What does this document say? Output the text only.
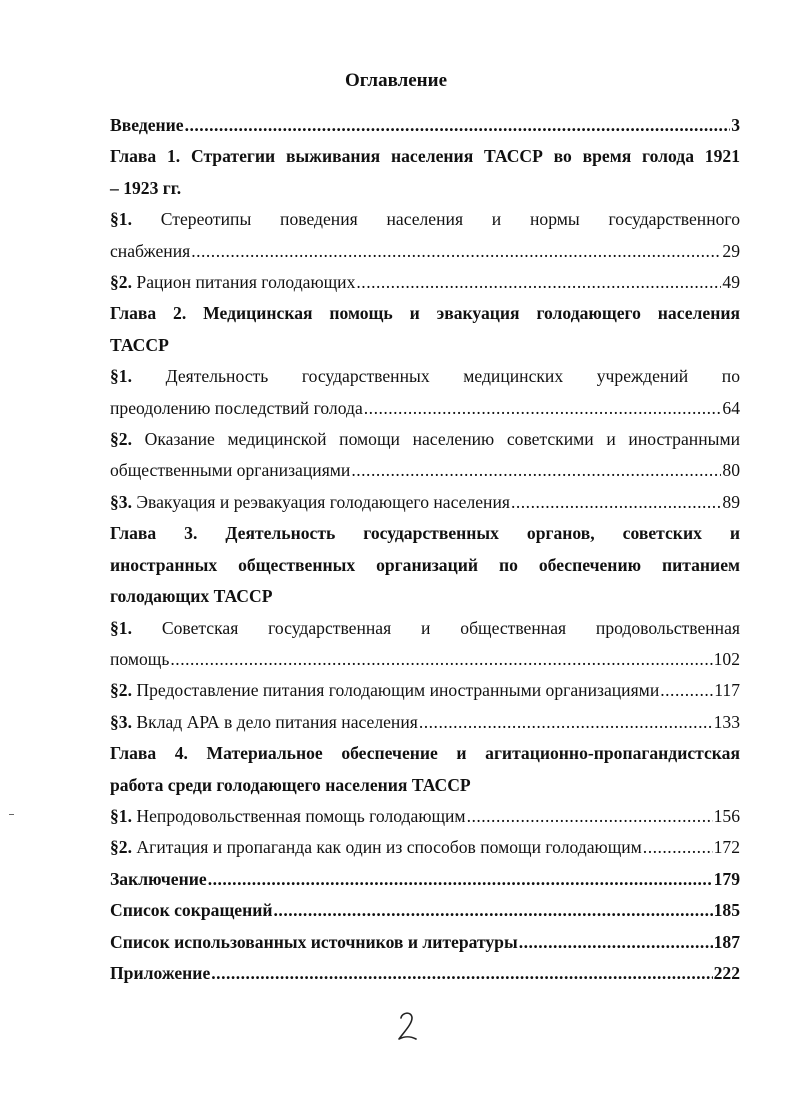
Оглавление
Введение .....	3
Глава 1. Стратегии выживания населения ТАССР во время голода 1921
– 1923 гг.
§1. Стереотипы поведения населения и нормы государственного
снабжения .....	29
§2. Рацион питания голодающих .....	49
Глава 2. Медицинская помощь и эвакуация голодающего населения
ТАССР
§1. Деятельность государственных медицинских учреждений по
преодолению последствий голода .....	64
§2. Оказание медицинской помощи населению советскими и иностранными
общественными организациями .....	80
§3. Эвакуация и реэвакуация голодающего населения .....	89
Глава 3. Деятельность государственных органов, советских и
иностранных общественных организаций по обеспечению питанием
голодающих ТАССР
§1. Советская государственная и общественная продовольственная
помощь .....	102
§2. Предоставление питания голодающим иностранными организациями .....	117
§3. Вклад АРА в дело питания населения .....	133
Глава 4. Материальное обеспечение и агитационно-пропагандистская
работа среди голодающего населения ТАССР
§1. Непродовольственная помощь голодающим .....	156
§2. Агитация и пропаганда как один из способов помощи голодающим .....	172
Заключение .....	179
Список сокращений .....	185
Список использованных источников и литературы .....	187
Приложение .....	222
